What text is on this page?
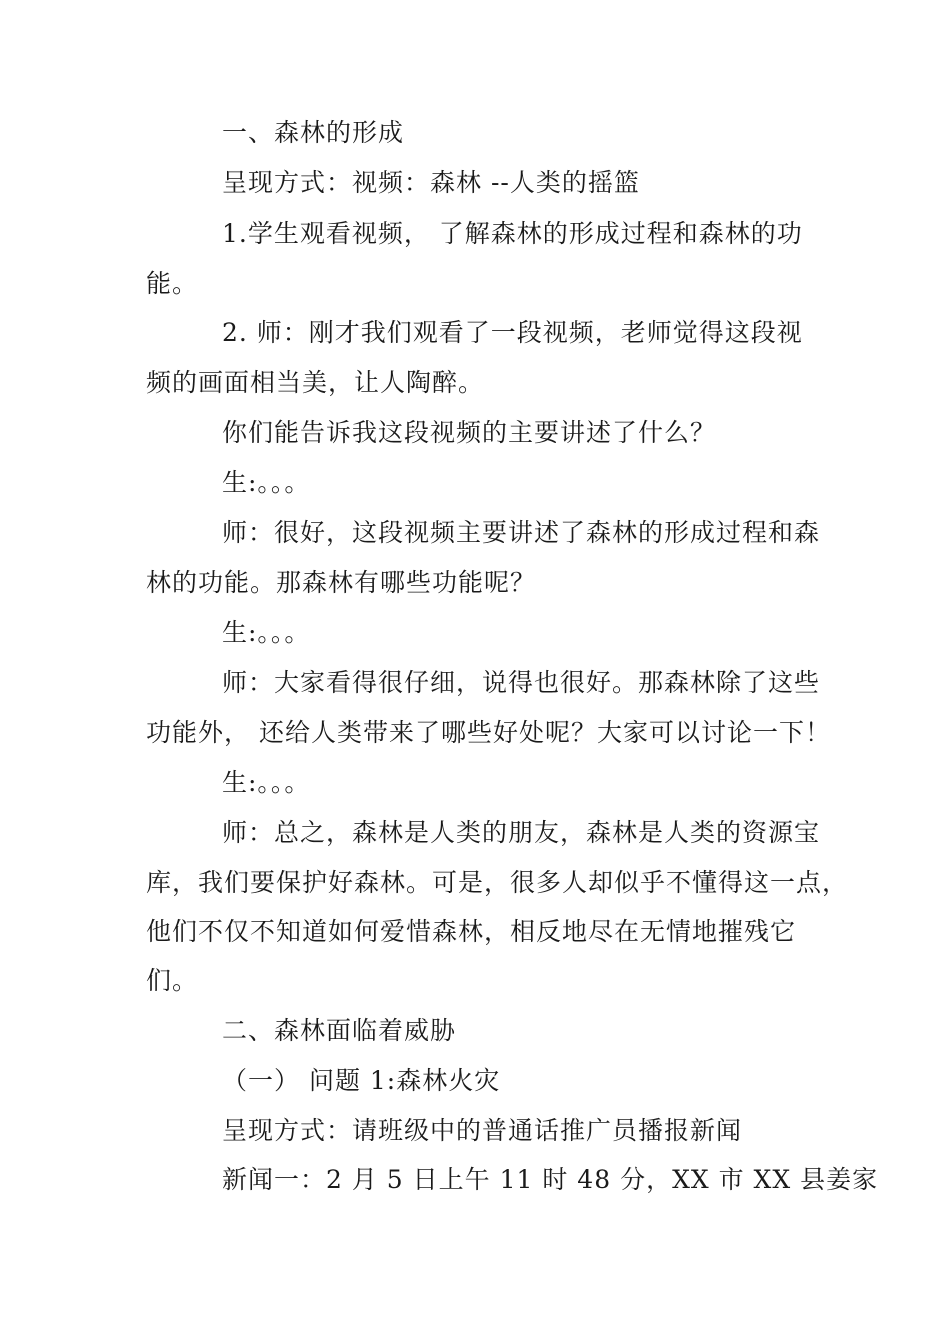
一、森林的形成
呈现方式：视频：森林 --人类的摇篮
1.学生观看视频， 了解森林的形成过程和森林的功
能。
2. 师：刚才我们观看了一段视频，老师觉得这段视
频的画面相当美，让人陶醉。
你们能告诉我这段视频的主要讲述了什么？
生:。。。
师：很好，这段视频主要讲述了森林的形成过程和森
林的功能。那森林有哪些功能呢？
生:。。。
师：大家看得很仔细，说得也很好。那森林除了这些
功能外， 还给人类带来了哪些好处呢？大家可以讨论一下！
生:。。。
师：总之，森林是人类的朋友，森林是人类的资源宝
库，我们要保护好森林。可是，很多人却似乎不懂得这一点，
他们不仅不知道如何爱惜森林，相反地尽在无情地摧残它
们。
二、森林面临着威胁
（一） 问题 1:森林火灾
呈现方式：请班级中的普通话推广员播报新闻
新闻一：2 月 5 日上午 11 时 48 分，XX 市 XX 县姜家
